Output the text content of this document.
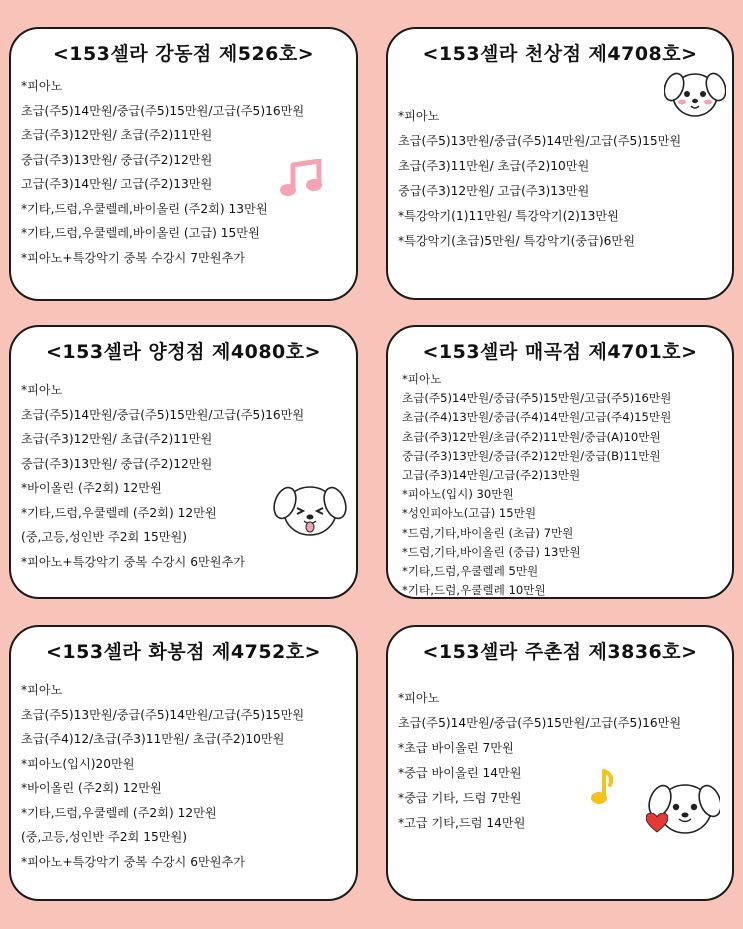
<153셀라 강동점 제526호>
*피아노
초급(주5)14만원/중급(주5)15만원/고급(주5)16만원
초급(주3)12만원/ 초급(주2)11만원
중급(주3)13만원/ 중급(주2)12만원
고급(주3)14만원/ 고급(주2)13만원
*기타,드럼,우쿨렐레,바이올린 (주2회) 13만원
*기타,드럼,우쿨렐레,바이올린 (고급) 15만원
*피아노+특강악기 중복 수강시 7만원추가
<153셀라 천상점 제4708호>
*피아노
초급(주5)13만원/중급(주5)14만원/고급(주5)15만원
초급(주3)11만원/ 초급(주2)10만원
중급(주3)12만원/ 고급(주3)13만원
*특강악기(1)11만원/ 특강악기(2)13만원
*특강악기(초급)5만원/ 특강악기(중급)6만원
<153셀라 양정점 제4080호>
*피아노
초급(주5)14만원/중급(주5)15만원/고급(주5)16만원
초급(주3)12만원/ 초급(주2)11만원
중급(주3)13만원/ 중급(주2)12만원
*바이올린 (주2회) 12만원
*기타,드럼,우쿨렐레 (주2회) 12만원
(중,고등,성인반 주2회 15만원)
*피아노+특강악기 중복 수강시 6만원추가
<153셀라 매곡점 제4701호>
*피아노
초급(주5)14만원/중급(주5)15만원/고급(주5)16만원
초급(주4)13만원/중급(주4)14만원/고급(주4)15만원
초급(주3)12만원/초급(주2)11만원/중급(A)10만원
중급(주3)13만원/중급(주2)12만원/중급(B)11만원
고급(주3)14만원/고급(주2)13만원
*피아노(입시) 30만원
*성인피아노(고급) 15만원
*드럼,기타,바이올린 (초급) 7만원
*드럼,기타,바이올린 (중급) 13만원
*기타,드럼,우쿨렐레 5만원
*기타,드럼,우쿨렐레 10만원
<153셀라 화봉점 제4752호>
*피아노
초급(주5)13만원/중급(주5)14만원/고급(주5)15만원
초급(주4)12/초급(주3)11만원/ 초급(주2)10만원
*피아노(입시)20만원
*바이올린 (주2회) 12만원
*기타,드럼,우쿨렐레 (주2회) 12만원
(중,고등,성인반 주2회 15만원)
*피아노+특강악기 중복 수강시 6만원추가
<153셀라 주촌점 제3836호>
*피아노
초급(주5)14만원/중급(주5)15만원/고급(주5)16만원
*초급 바이올린 7만원
*중급 바이올린 14만원
*중급 기타, 드럼 7만원
*고급 기타,드럼 14만원
